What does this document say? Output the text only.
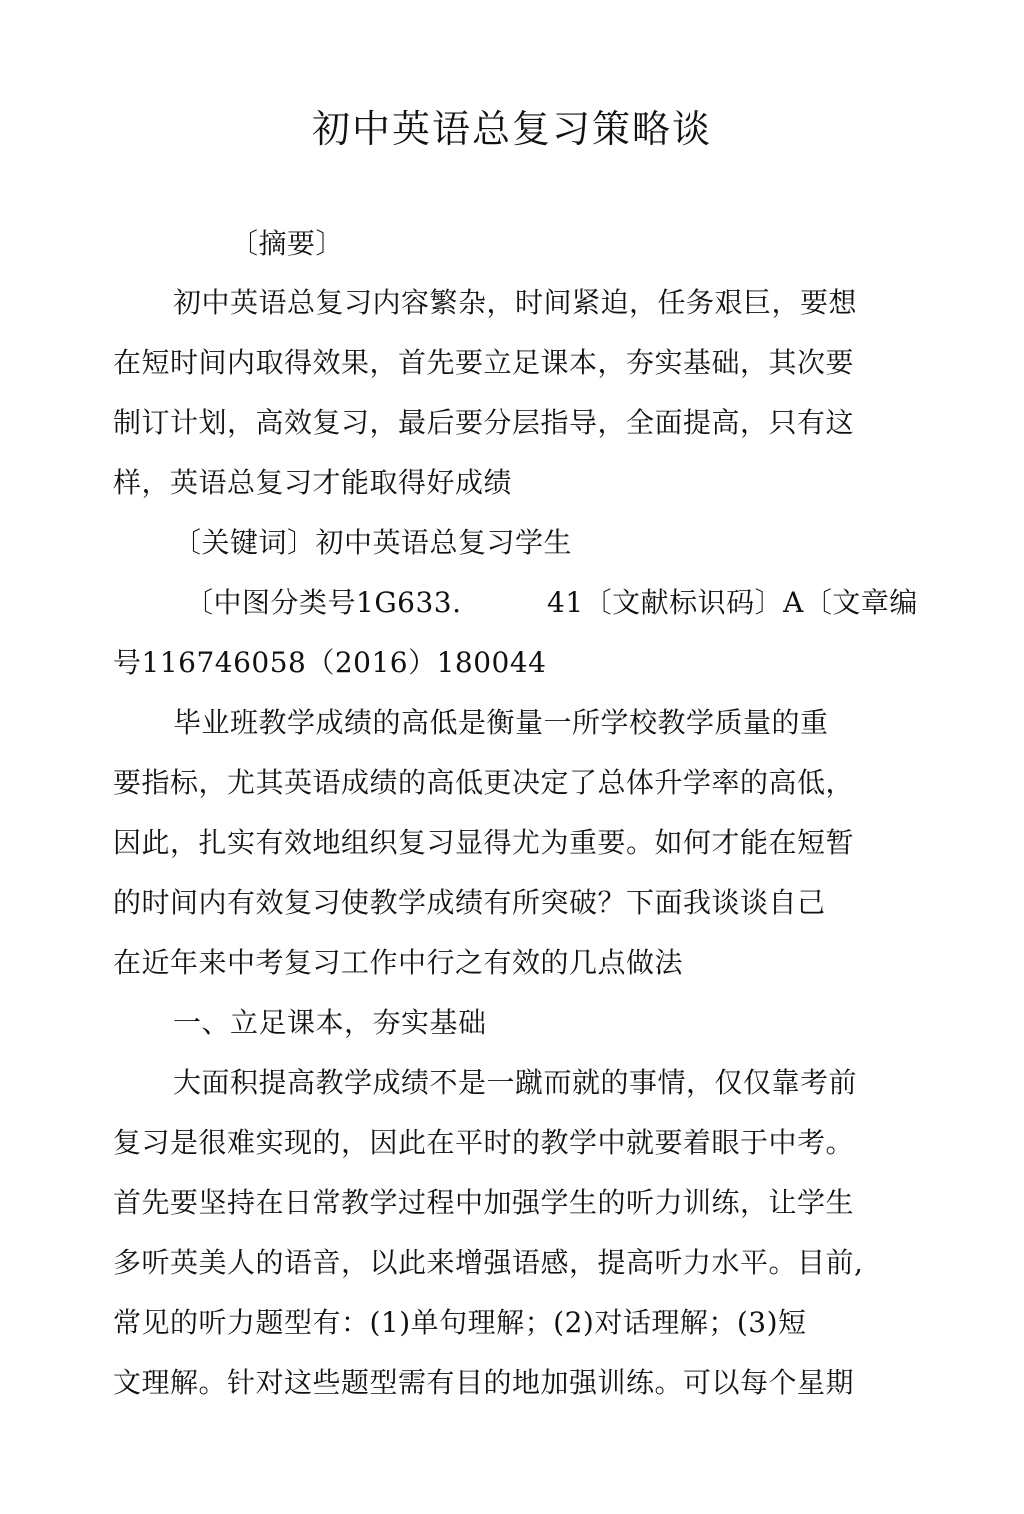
初中英语总复习策略谈

〔摘要〕

初中英语总复习内容繁杂，时间紧迫，任务艰巨，要想

在短时间内取得效果，首先要立足课本，夯实基础，其次要

制订计划，高效复习，最后要分层指导，全面提高，只有这

样，英语总复习才能取得好成绩

〔关键词〕初中英语总复习学生

〔中图分类号1G633.　　　41〔文献标识码〕A〔文章编

号116746058（2016）180044

毕业班教学成绩的高低是衡量一所学校教学质量的重

要指标，尤其英语成绩的高低更决定了总体升学率的高低，

因此，扎实有效地组织复习显得尤为重要。如何才能在短暂

的时间内有效复习使教学成绩有所突破？下面我谈谈自己

在近年来中考复习工作中行之有效的几点做法

一、立足课本，夯实基础

大面积提高教学成绩不是一蹴而就的事情，仅仅靠考前

复习是很难实现的，因此在平时的教学中就要着眼于中考。

首先要坚持在日常教学过程中加强学生的听力训练，让学生

多听英美人的语音，以此来增强语感，提高听力水平。目前,

常见的听力题型有：(1)单句理解；(2)对话理解；(3)短

文理解。针对这些题型需有目的地加强训练。可以每个星期
